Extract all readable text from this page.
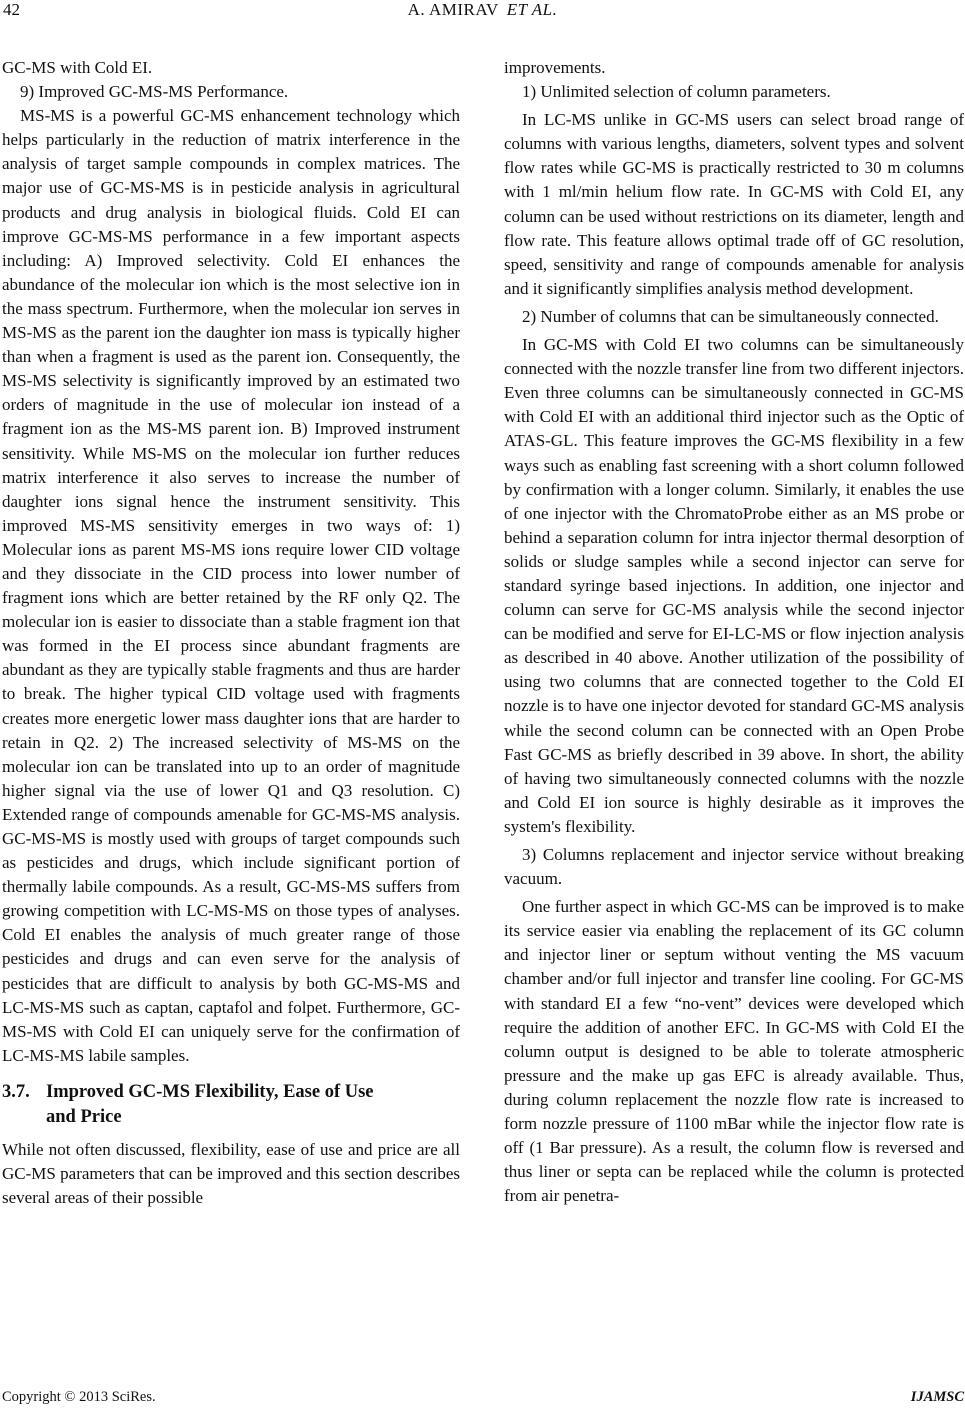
42	A. AMIRAV ET AL.

GC-MS with Cold EI.

9) Improved GC-MS-MS Performance.

MS-MS is a powerful GC-MS enhancement technology which helps particularly in the reduction of matrix interference in the analysis of target sample compounds in complex matrices. The major use of GC-MS-MS is in pesticide analysis in agricultural products and drug analysis in biological fluids. Cold EI can improve GC-MS-MS performance in a few important aspects including: A) Improved selectivity. Cold EI enhances the abundance of the molecular ion which is the most selective ion in the mass spectrum. Furthermore, when the molecular ion serves in MS-MS as the parent ion the daughter ion mass is typically higher than when a fragment is used as the parent ion. Consequently, the MS-MS selectivity is significantly improved by an estimated two orders of magnitude in the use of molecular ion instead of a fragment ion as the MS-MS parent ion. B) Improved instrument sensitivity. While MS-MS on the molecular ion further reduces matrix interference it also serves to increase the number of daughter ions signal hence the instrument sensitivity. This improved MS-MS sensitivity emerges in two ways of: 1) Molecular ions as parent MS-MS ions require lower CID voltage and they dissociate in the CID process into lower number of fragment ions which are better retained by the RF only Q2. The molecular ion is easier to dissociate than a stable fragment ion that was formed in the EI process since abundant fragments are abundant as they are typically stable fragments and thus are harder to break. The higher typical CID voltage used with fragments creates more energetic lower mass daughter ions that are harder to retain in Q2. 2) The increased selectivity of MS-MS on the molecular ion can be translated into up to an order of magnitude higher signal via the use of lower Q1 and Q3 resolution. C) Extended range of compounds amenable for GC-MS-MS analysis. GC-MS-MS is mostly used with groups of target compounds such as pesticides and drugs, which include significant portion of thermally labile compounds. As a result, GC-MS-MS suffers from growing competition with LC-MS-MS on those types of analyses. Cold EI enables the analysis of much greater range of those pesticides and drugs and can even serve for the analysis of pesticides that are difficult to analysis by both GC-MS-MS and LC-MS-MS such as captan, captafol and folpet. Furthermore, GC-MS-MS with Cold EI can uniquely serve for the confirmation of LC-MS-MS labile samples.

3.7. Improved GC-MS Flexibility, Ease of Use
and Price

While not often discussed, flexibility, ease of use and price are all GC-MS parameters that can be improved and this section describes several areas of their possible

improvements.

1) Unlimited selection of column parameters.

In LC-MS unlike in GC-MS users can select broad range of columns with various lengths, diameters, solvent types and solvent flow rates while GC-MS is practically restricted to 30 m columns with 1 ml/min helium flow rate. In GC-MS with Cold EI, any column can be used without restrictions on its diameter, length and flow rate. This feature allows optimal trade off of GC resolution, speed, sensitivity and range of compounds amenable for analysis and it significantly simplifies analysis method development.

2) Number of columns that can be simultaneously connected.

In GC-MS with Cold EI two columns can be simultaneously connected with the nozzle transfer line from two different injectors. Even three columns can be simultaneously connected in GC-MS with Cold EI with an additional third injector such as the Optic of ATAS-GL. This feature improves the GC-MS flexibility in a few ways such as enabling fast screening with a short column followed by confirmation with a longer column. Similarly, it enables the use of one injector with the ChromatoProbe either as an MS probe or behind a separation column for intra injector thermal desorption of solids or sludge samples while a second injector can serve for standard syringe based injections. In addition, one injector and column can serve for GC-MS analysis while the second injector can be modified and serve for EI-LC-MS or flow injection analysis as described in 40 above. Another utilization of the possibility of using two columns that are connected together to the Cold EI nozzle is to have one injector devoted for standard GC-MS analysis while the second column can be connected with an Open Probe Fast GC-MS as briefly described in 39 above. In short, the ability of having two simultaneously connected columns with the nozzle and Cold EI ion source is highly desirable as it improves the system's flexibility.

3) Columns replacement and injector service without breaking vacuum.

One further aspect in which GC-MS can be improved is to make its service easier via enabling the replacement of its GC column and injector liner or septum without venting the MS vacuum chamber and/or full injector and transfer line cooling. For GC-MS with standard EI a few “no-vent” devices were developed which require the addition of another EFC. In GC-MS with Cold EI the column output is designed to be able to tolerate atmospheric pressure and the make up gas EFC is already available. Thus, during column replacement the nozzle flow rate is increased to form nozzle pressure of 1100 mBar while the injector flow rate is off (1 Bar pressure). As a result, the column flow is reversed and thus liner or septa can be replaced while the column is protected from air penetra-

Copyright © 2013 SciRes.	IJAMSC
